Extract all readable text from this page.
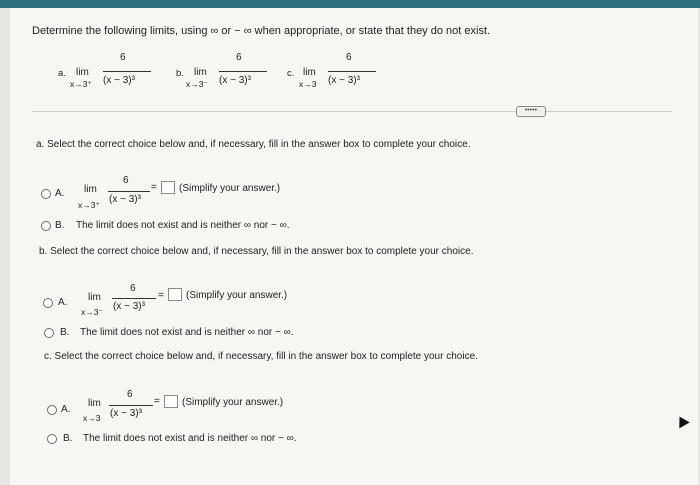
Determine the following limits, using ∞ or − ∞ when appropriate, or state that they do not exist.
a. lim
x→3⁺
6
(x − 3)³
b. lim
x→3⁻
6
(x − 3)³
c. lim
x→3
6
(x − 3)³
•••••
a. Select the correct choice below and, if necessary, fill in the answer box to complete your choice.
A. lim
x→3⁺
6
(x − 3)³
= (Simplify your answer.)
B. The limit does not exist and is neither ∞ nor − ∞.
b. Select the correct choice below and, if necessary, fill in the answer box to complete your choice.
A. lim
x→3⁻
6
(x − 3)³
= (Simplify your answer.)
B. The limit does not exist and is neither ∞ nor − ∞.
c. Select the correct choice below and, if necessary, fill in the answer box to complete your choice.
A.
lim
x→3
6
(x − 3)³
= (Simplify your answer.)
B. The limit does not exist and is neither ∞ nor − ∞.
